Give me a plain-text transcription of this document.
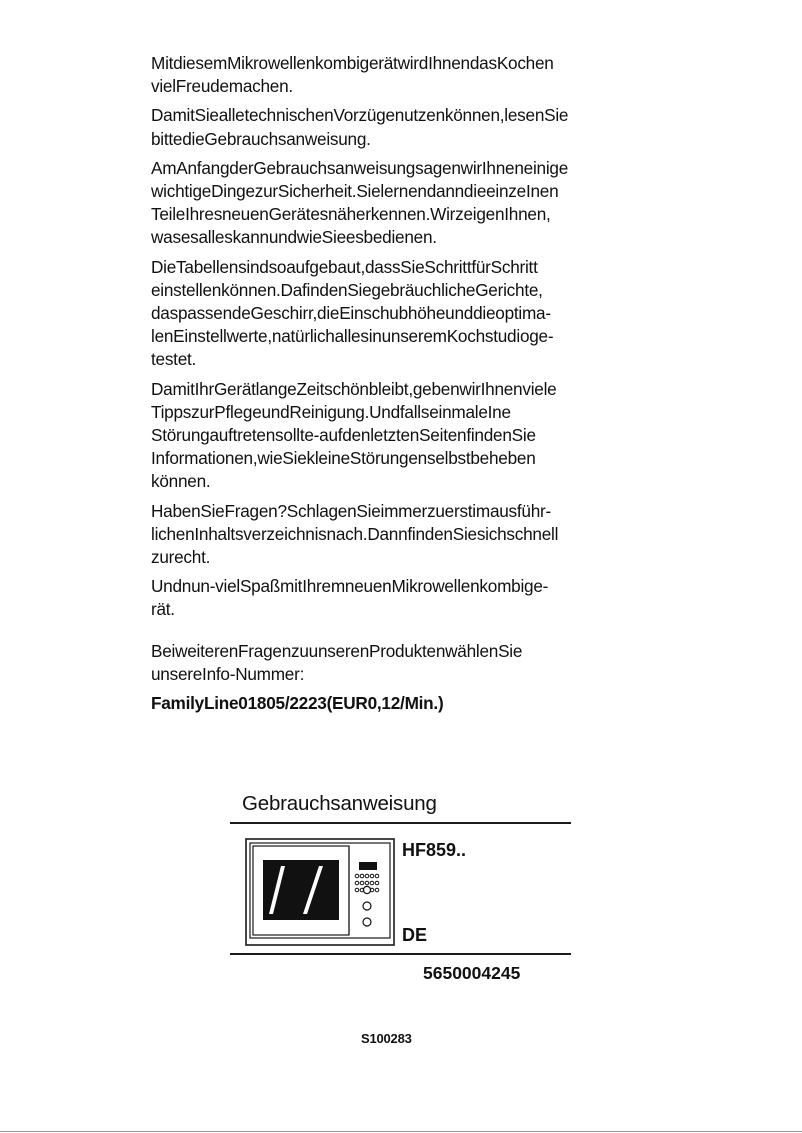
MitdiesemMikrowellenkombigerätwirdIhnendasKochen
vielFreudemachen.
DamitSiealletechnischenVorzügenutzenkönnen,lesenSie
bittedieGebrauchsanweisung.
AmAnfangderGebrauchsanweisungsagenwirIhneneinige
wichtigeDingezurSicherheit.SielernendanndieeinzeInen
TeileIhresneuenGerätesnäherkennen.WirzeigenIhnen,
wasesalleskannundwieSieesbedienen.
DieTabellensindsoaufgebaut,dassSieSchrittfürSchritt
einstellenkönnen.DafindenSiegebräuchlicheGerichte,
daspassendeGeschirr,dieEinschubhöheunddieoptima-
lenEinstellwerte,natürlichallesinunseremKochstudioge-
testet.
DamitIhrGerätlangeZeitschönbleibt,gebenwirIhnenviele
TippszurPflegeundReinigung.UndfallseinmaleIne
Störungauftretensollte-aufdenletztenSeitenfindenSie
Informationen,wieSiekleineStörungenselbstbeheben
können.
HabenSieFragen?SchlagenSieimmerzuerstimausführ-
lichenInhaltsverzeichnisnach.DannfindenSiesichschnell
zurecht.
Undnun-vielSpaßmitIhremneuenMikrowellenkombige-
rät.
BeiweiterenFragenzuunserenProduktenwählenSie
unsereInfo-Nummer:

FamilyLine01805/2223(EUR0,12/Min.)

Gebrauchsanweisung
HF859..
DE
5650004245
S100283
